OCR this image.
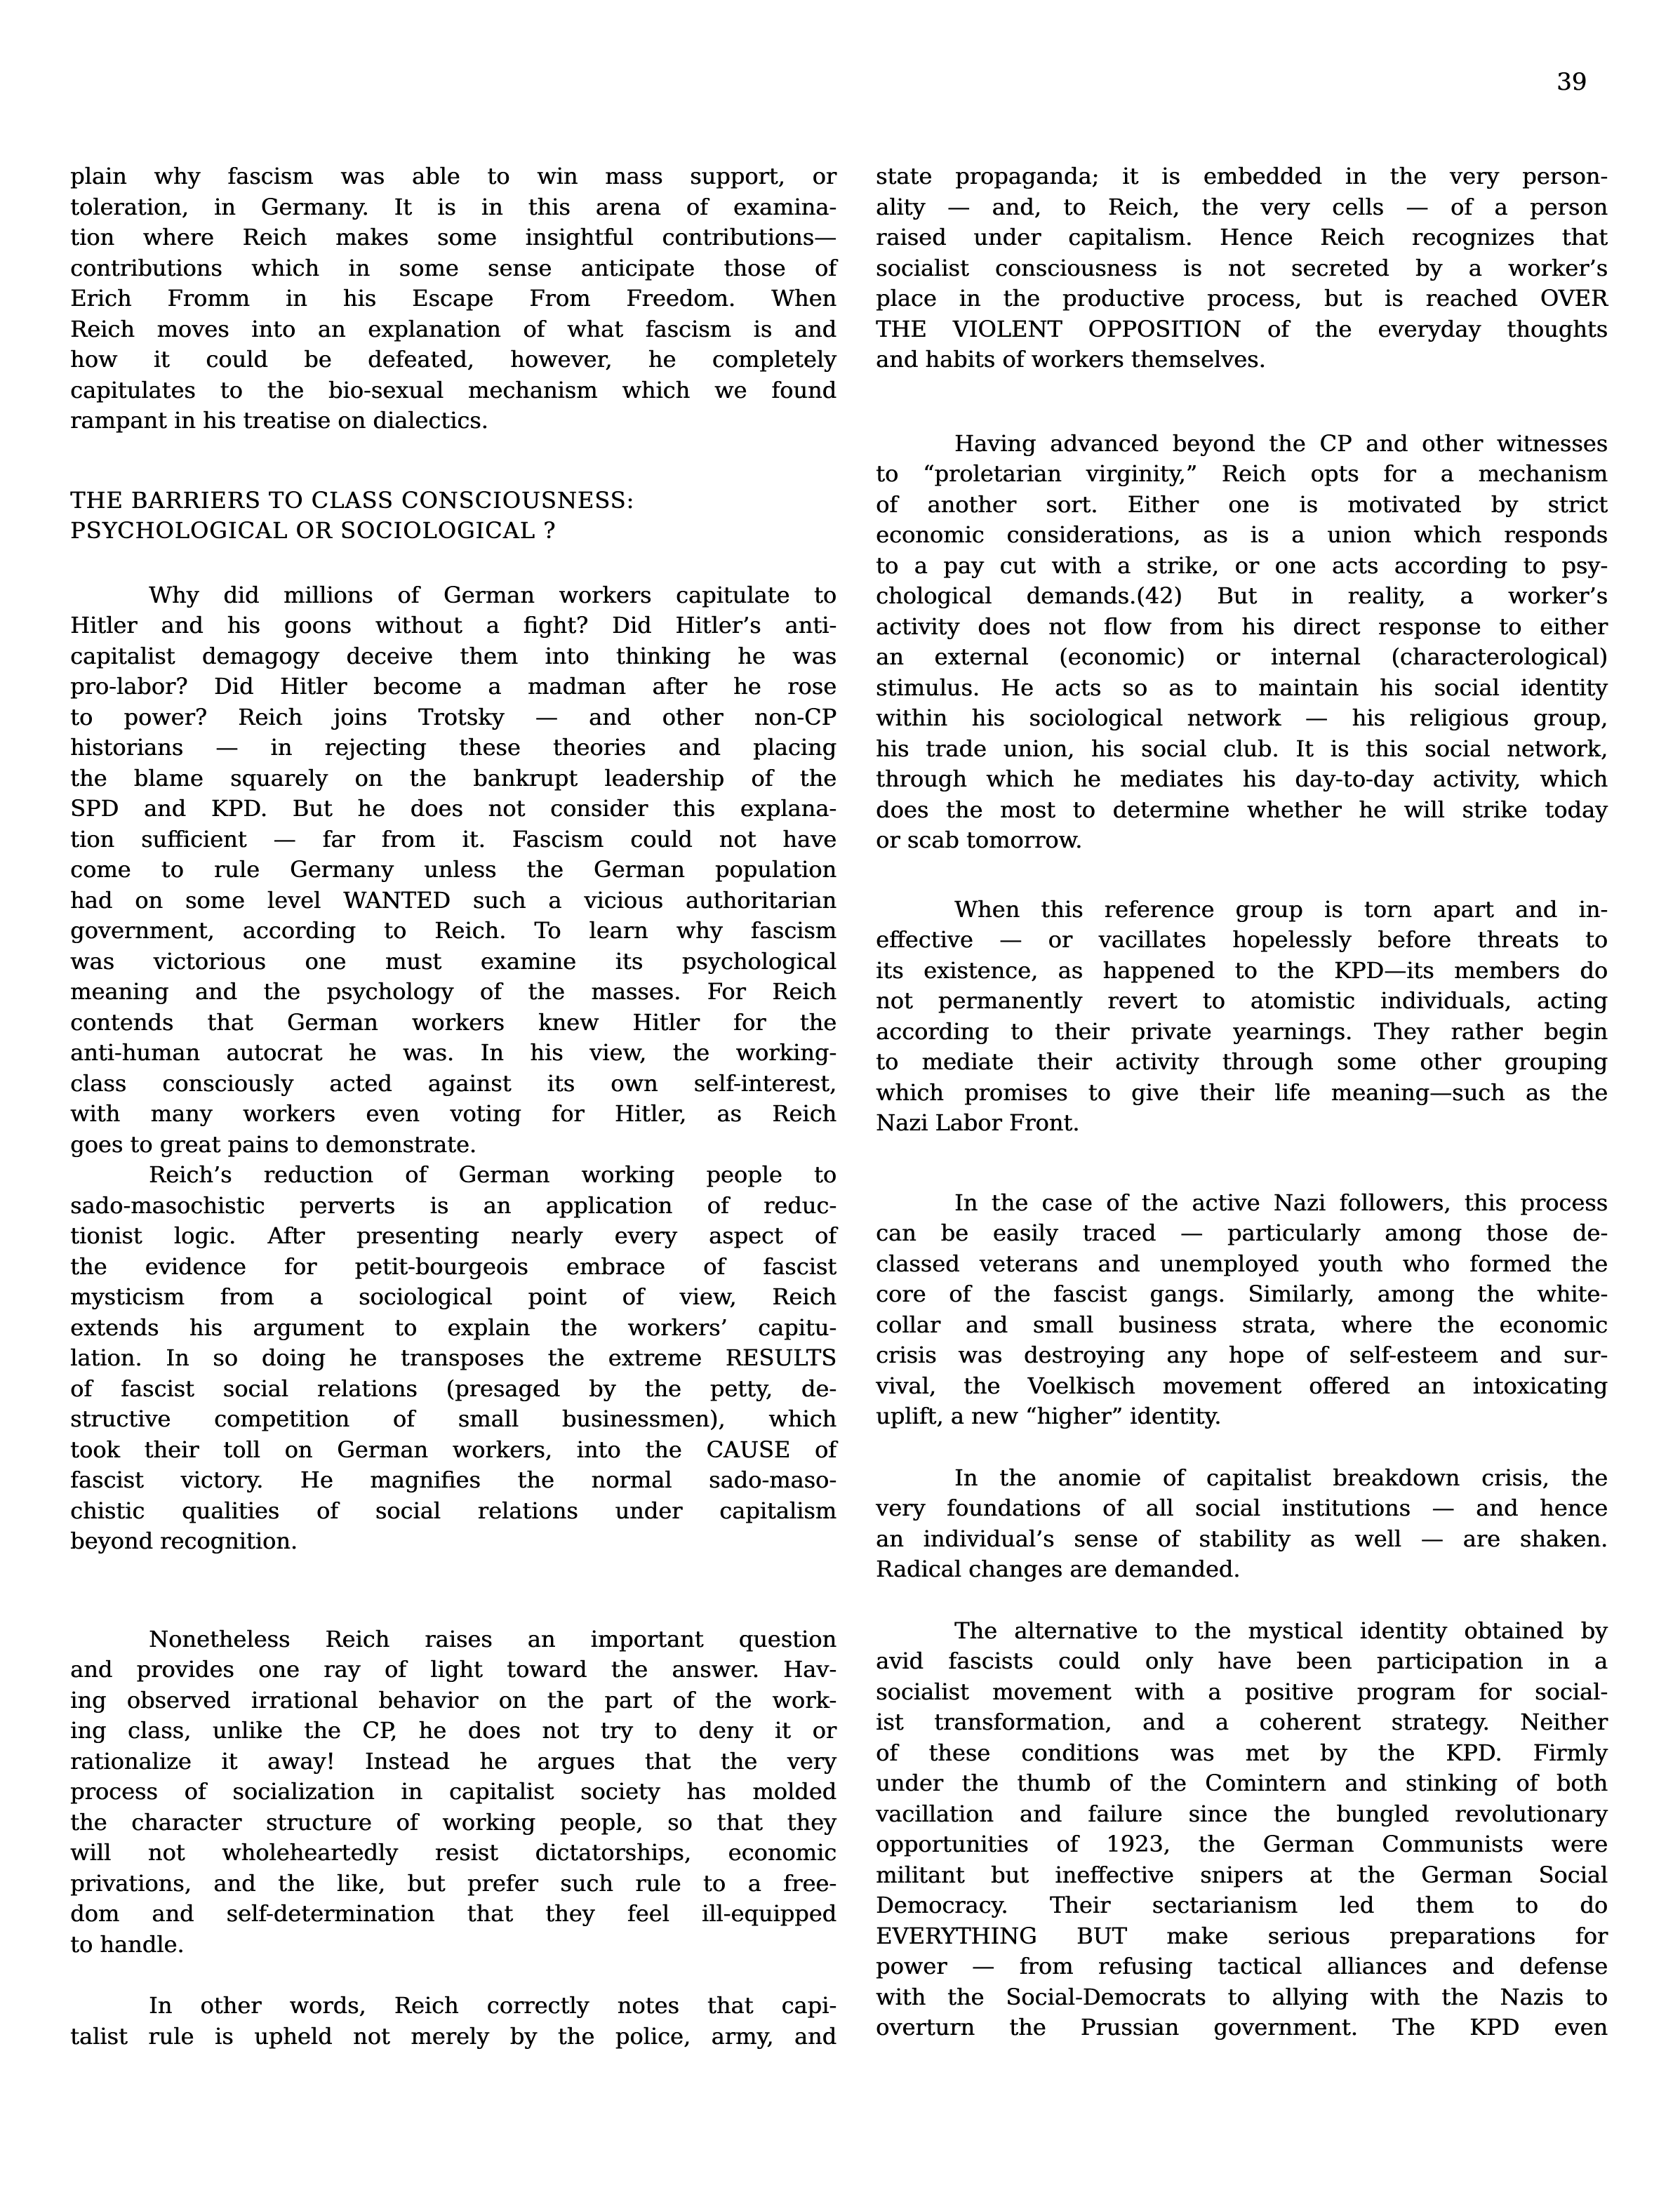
39
plain why fascism was able to win mass support, or
toleration, in Germany. It is in this arena of examina-
tion where Reich makes some insightful contributions—
contributions which in some sense anticipate those of
Erich Fromm in his Escape From Freedom. When
Reich moves into an explanation of what fascism is and
how it could be defeated, however, he completely
capitulates to the bio-sexual mechanism which we found
rampant in his treatise on dialectics.
THE BARRIERS TO CLASS CONSCIOUSNESS:
PSYCHOLOGICAL OR SOCIOLOGICAL ?
Why did millions of German workers capitulate to
Hitler and his goons without a fight? Did Hitler’s anti-
capitalist demagogy deceive them into thinking he was
pro-labor? Did Hitler become a madman after he rose
to power? Reich joins Trotsky — and other non-CP
historians — in rejecting these theories and placing
the blame squarely on the bankrupt leadership of the
SPD and KPD. But he does not consider this explana-
tion sufficient — far from it. Fascism could not have
come to rule Germany unless the German population
had on some level WANTED such a vicious authoritarian
government, according to Reich. To learn why fascism
was victorious one must examine its psychological
meaning and the psychology of the masses. For Reich
contends that German workers knew Hitler for the
anti-human autocrat he was. In his view, the working-
class consciously acted against its own self-interest,
with many workers even voting for Hitler, as Reich
goes to great pains to demonstrate.
Reich’s reduction of German working people to
sado-masochistic perverts is an application of reduc-
tionist logic. After presenting nearly every aspect of
the evidence for petit-bourgeois embrace of fascist
mysticism from a sociological point of view, Reich
extends his argument to explain the workers’ capitu-
lation. In so doing he transposes the extreme RESULTS
of fascist social relations (presaged by the petty, de-
structive competition of small businessmen), which
took their toll on German workers, into the CAUSE of
fascist victory. He magnifies the normal sado-maso-
chistic qualities of social relations under capitalism
beyond recognition.
Nonetheless Reich raises an important question
and provides one ray of light toward the answer. Hav-
ing observed irrational behavior on the part of the work-
ing class, unlike the CP, he does not try to deny it or
rationalize it away! Instead he argues that the very
process of socialization in capitalist society has molded
the character structure of working people, so that they
will not wholeheartedly resist dictatorships, economic
privations, and the like, but prefer such rule to a free-
dom and self-determination that they feel ill-equipped
to handle.
In other words, Reich correctly notes that capi-
talist rule is upheld not merely by the police, army, and
state propaganda; it is embedded in the very person-
ality — and, to Reich, the very cells — of a person
raised under capitalism. Hence Reich recognizes that
socialist consciousness is not secreted by a worker’s
place in the productive process, but is reached OVER
THE VIOLENT OPPOSITION of the everyday thoughts
and habits of workers themselves.
Having advanced beyond the CP and other witnesses
to “proletarian virginity,” Reich opts for a mechanism
of another sort. Either one is motivated by strict
economic considerations, as is a union which responds
to a pay cut with a strike, or one acts according to psy-
chological demands.(42) But in reality, a worker’s
activity does not flow from his direct response to either
an external (economic) or internal (characterological)
stimulus. He acts so as to maintain his social identity
within his sociological network — his religious group,
his trade union, his social club. It is this social network,
through which he mediates his day-to-day activity, which
does the most to determine whether he will strike today
or scab tomorrow.
When this reference group is torn apart and in-
effective — or vacillates hopelessly before threats to
its existence, as happened to the KPD—its members do
not permanently revert to atomistic individuals, acting
according to their private yearnings. They rather begin
to mediate their activity through some other grouping
which promises to give their life meaning—such as the
Nazi Labor Front.
In the case of the active Nazi followers, this process
can be easily traced — particularly among those de-
classed veterans and unemployed youth who formed the
core of the fascist gangs. Similarly, among the white-
collar and small business strata, where the economic
crisis was destroying any hope of self-esteem and sur-
vival, the Voelkisch movement offered an intoxicating
uplift, a new “higher” identity.
In the anomie of capitalist breakdown crisis, the
very foundations of all social institutions — and hence
an individual’s sense of stability as well — are shaken.
Radical changes are demanded.
The alternative to the mystical identity obtained by
avid fascists could only have been participation in a
socialist movement with a positive program for social-
ist transformation, and a coherent strategy. Neither
of these conditions was met by the KPD. Firmly
under the thumb of the Comintern and stinking of both
vacillation and failure since the bungled revolutionary
opportunities of 1923, the German Communists were
militant but ineffective snipers at the German Social
Democracy. Their sectarianism led them to do
EVERYTHING BUT make serious preparations for
power — from refusing tactical alliances and defense
with the Social-Democrats to allying with the Nazis to
overturn the Prussian government. The KPD even
